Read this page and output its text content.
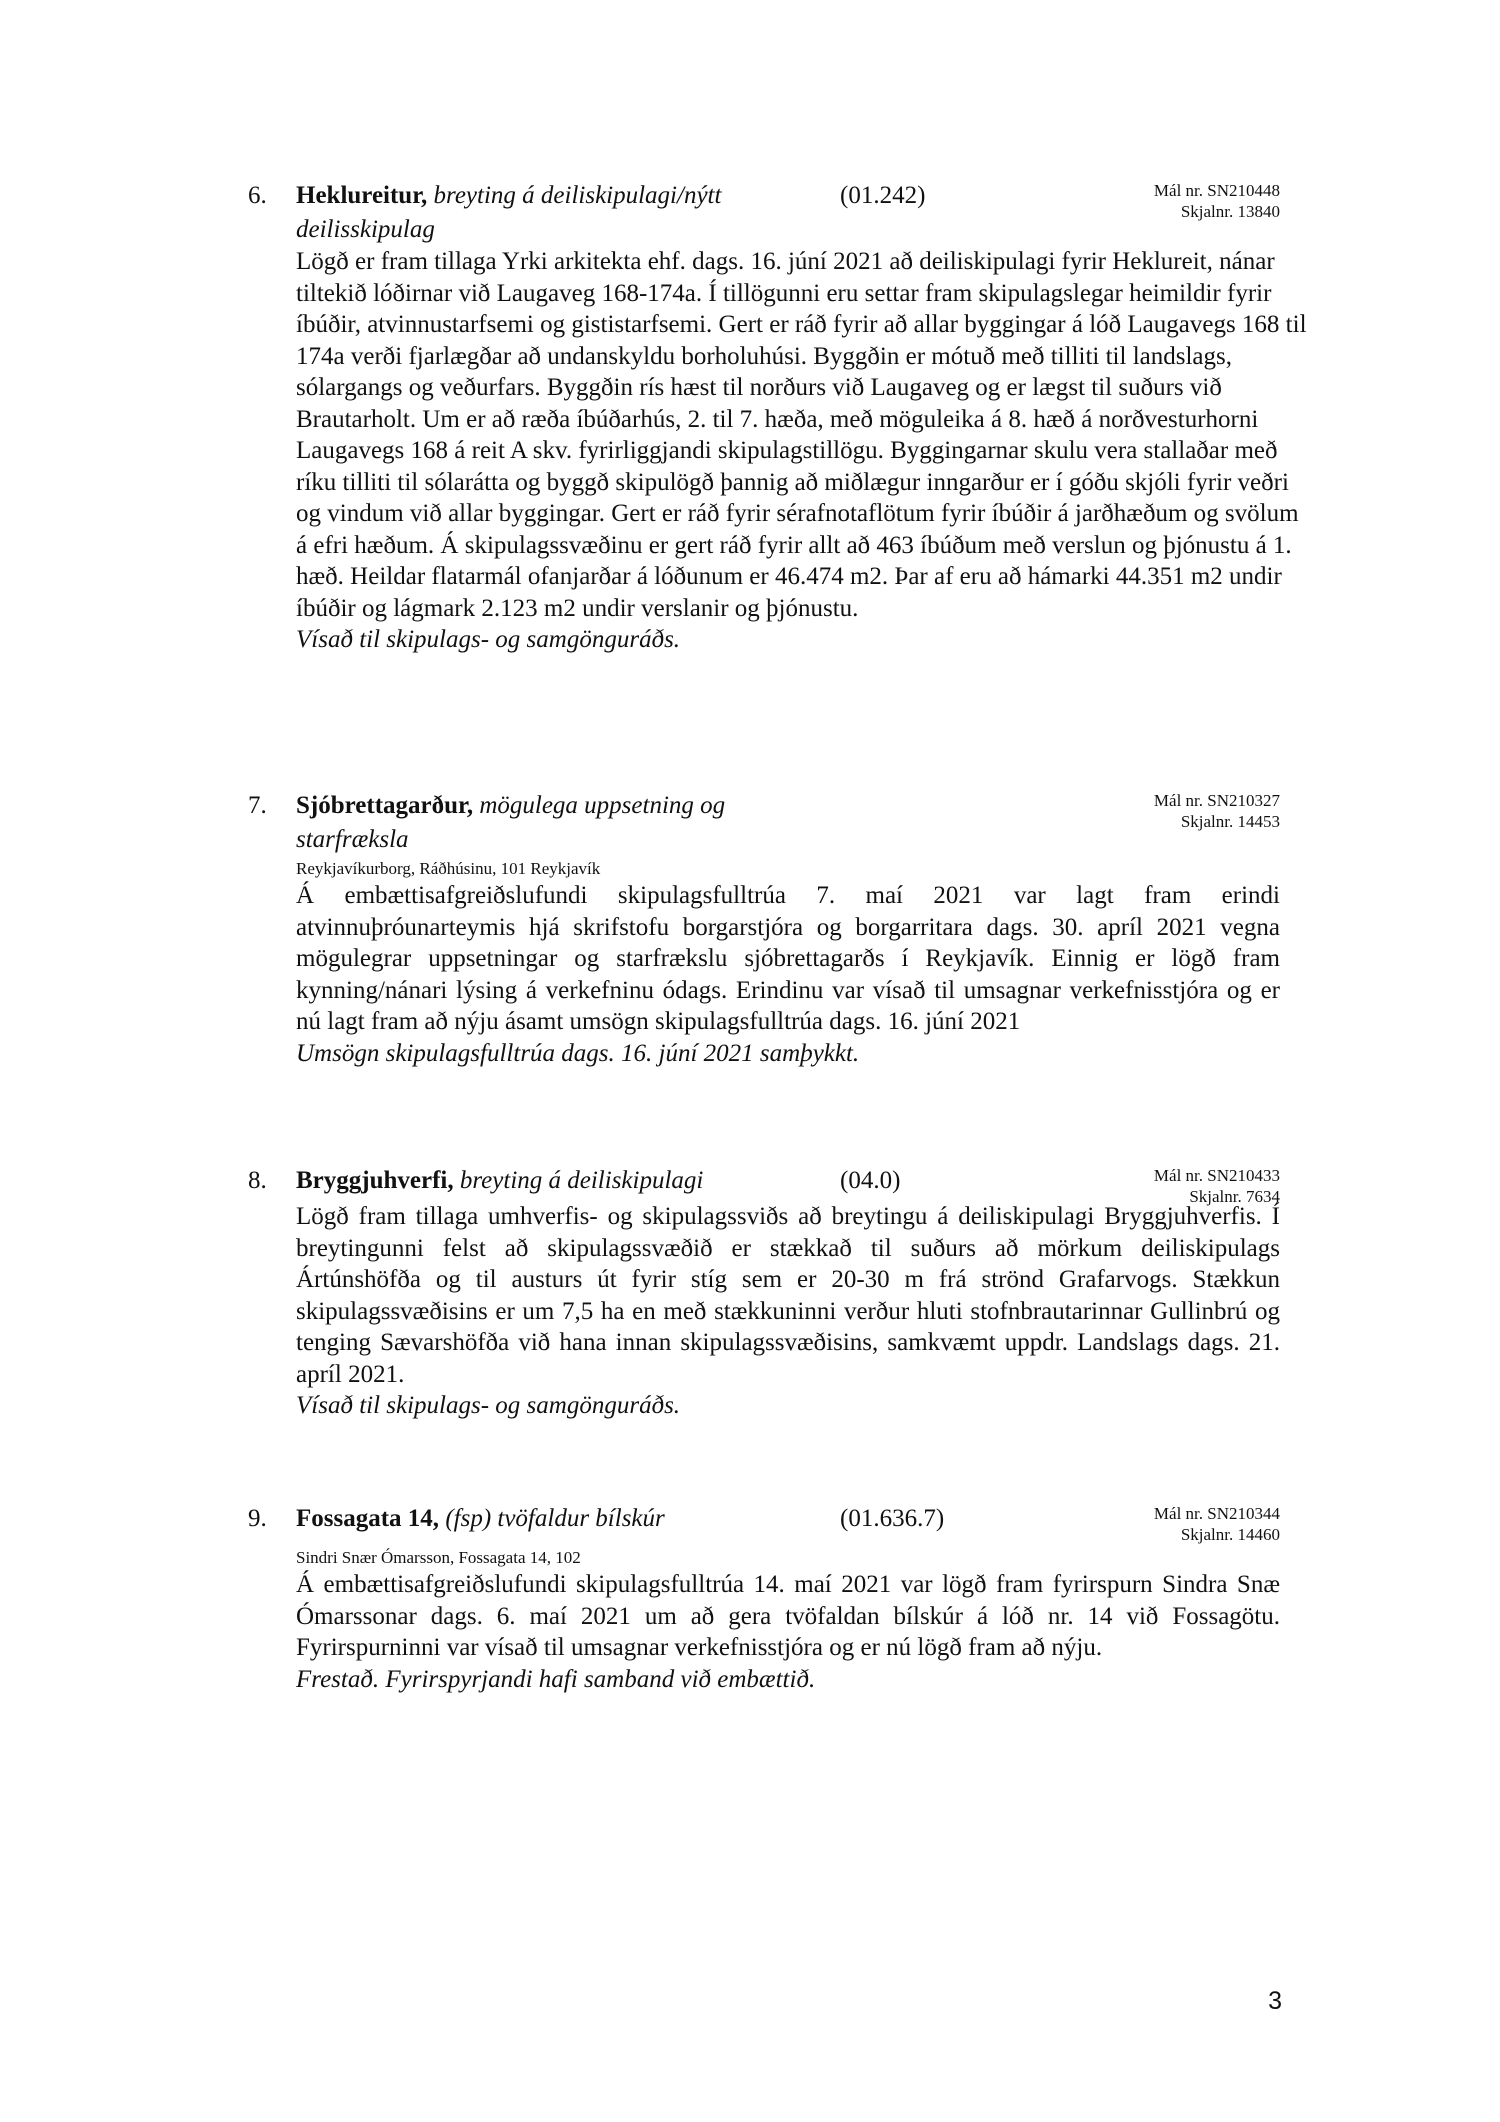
6. Heklureitur, breyting á deiliskipulagi/nýtt	(01.242)	Mál nr. SN210448
Skjalnr. 13840
deilisskipulag
Lögð er fram tillaga Yrki arkitekta ehf. dags. 16. júní 2021 að deiliskipulagi fyrir Heklureit, nánar tiltekið lóðirnar við Laugaveg 168-174a. Í tillögunni eru settar fram skipulagslegar heimildir fyrir íbúðir, atvinnustarfsemi og gististarfsemi. Gert er ráð fyrir að allar byggingar á lóð Laugavegs 168 til 174a verði fjarlægðar að undanskyldu borholuhúsi. Byggðin er mótuð með tilliti til landslags, sólargangs og veðurfars. Byggðin rís hæst til norðurs við Laugaveg og er lægst til suðurs við Brautarholt. Um er að ræða íbúðarhús, 2. til 7. hæða, með möguleika á 8. hæð á norðvesturhorni Laugavegs 168 á reit A skv. fyrirliggjandi skipulagstillögu. Byggingarnar skulu vera stallaðar með ríku tilliti til sólarátta og byggð skipulögð þannig að miðlægur inngarður er í góðu skjóli fyrir veðri og vindum við allar byggingar. Gert er ráð fyrir sérafnotaflötum fyrir íbúðir á jarðhæðum og svölum á efri hæðum. Á skipulagssvæðinu er gert ráð fyrir allt að 463 íbúðum með verslun og þjónustu á 1. hæð. Heildar flatarmál ofanjarðar á lóðunum er 46.474 m2. Þar af eru að hámarki 44.351 m2 undir íbúðir og lágmark 2.123 m2 undir verslanir og þjónustu.
Vísað til skipulags- og samgönguráðs.
7. Sjóbrettagarður, mögulega uppsetning og	Mál nr. SN210327
Skjalnr. 14453
starfræksla
Reykjavíkurborg, Ráðhúsinu, 101 Reykjavík
Á embættisafgreiðslufundi skipulagsfulltrúa 7. maí 2021 var lagt fram erindi atvinnuþróunarteymis hjá skrifstofu borgarstjóra og borgarritara dags. 30. apríl 2021 vegna mögulegrar uppsetningar og starfrækslu sjóbrettagarðs í Reykjavík. Einnig er lögð fram kynning/nánari lýsing á verkefninu ódags. Erindinu var vísað til umsagnar verkefnisstjóra og er nú lagt fram að nýju ásamt umsögn skipulagsfulltrúa dags. 16. júní 2021
Umsögn skipulagsfulltrúa dags. 16. júní 2021 samþykkt.
8. Bryggjuhverfi, breyting á deiliskipulagi	(04.0)	Mál nr. SN210433
Skjalnr. 7634
Lögð fram tillaga umhverfis- og skipulagssviðs að breytingu á deiliskipulagi Bryggjuhverfis. Í breytingunni felst að skipulagssvæðið er stækkað til suðurs að mörkum deiliskipulags Ártúnshöfða og til austurs út fyrir stíg sem er 20-30 m frá strönd Grafarvogs. Stækkun skipulagssvæðisins er um 7,5 ha en með stækkuninni verður hluti stofnbrautarinnar Gullinbrú og tenging Sævarshöfða við hana innan skipulagssvæðisins, samkvæmt uppdr. Landslags dags. 21. apríl 2021.
Vísað til skipulags- og samgönguráðs.
9. Fossagata 14, (fsp) tvöfaldur bílskúr	(01.636.7)	Mál nr. SN210344
Skjalnr. 14460
Sindri Snær Ómarsson, Fossagata 14, 102
Á embættisafgreiðslufundi skipulagsfulltrúa 14. maí 2021 var lögð fram fyrirspurn Sindra Snæ Ómarssonar dags. 6. maí 2021 um að gera tvöfaldan bílskúr á lóð nr. 14 við Fossagötu. Fyrirspurninni var vísað til umsagnar verkefnisstjóra og er nú lögð fram að nýju.
Frestað. Fyrirspyrjandi hafi samband við embættið.
3
